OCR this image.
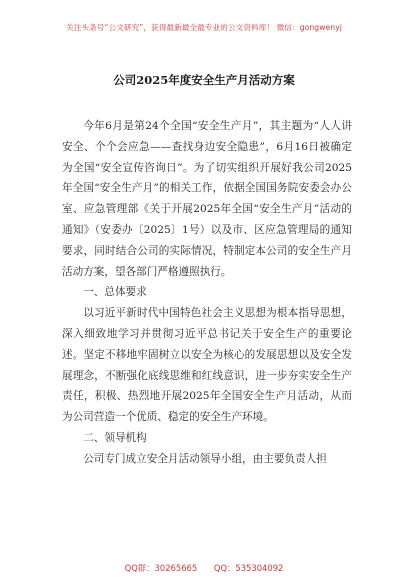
关注头条号“公文研究”，获得最新最全最专业的公文资料库！ 微信：gongwenyj
公司2025年度安全生产月活动方案

今年6月是第24个全国“安全生产月”，其主题为“人人讲安全、个个会应急——查找身边安全隐患”，6月16日被确定为全国“安全宣传咨询日”。为了切实组织开展好我公司2025年全国“安全生产月”的相关工作，依据全国国务院安委会办公室、应急管理部《关于开展2025年全国“安全生产月”活动的通知》（安委办〔2025〕1号）以及市、区应急管理局的通知要求，同时结合公司的实际情况，特制定本公司的安全生产月活动方案，望各部门严格遵照执行。

一、总体要求

以习近平新时代中国特色社会主义思想为根本指导思想，深入细致地学习并贯彻习近平总书记关于安全生产的重要论述。坚定不移地牢固树立以安全为核心的发展思想以及安全发展理念，不断强化底线思维和红线意识，进一步夯实安全生产责任，积极、热烈地开展2025年全国安全生产月活动，从而为公司营造一个优质、稳定的安全生产环境。

二、领导机构

公司专门成立安全月活动领导小组，由主要负责人担

QQ群：30265665 QQ：535304092
